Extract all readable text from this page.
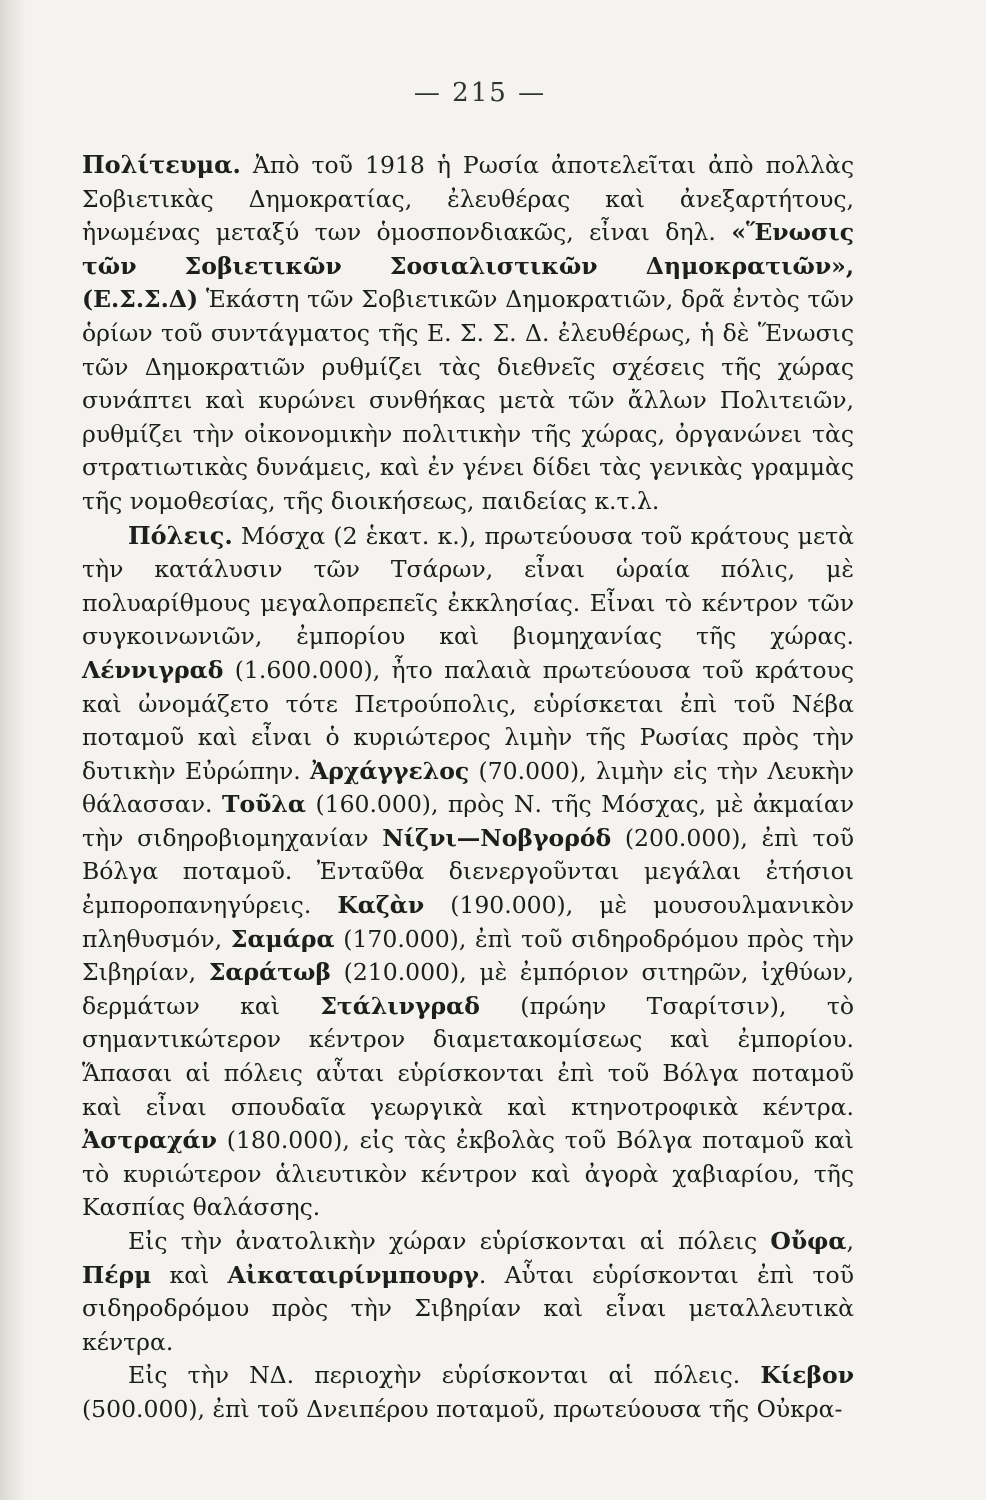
— 215 —

Πολίτευμα. Ἀπὸ τοῦ 1918 ἡ Ρωσία ἀποτελεῖται ἀπὸ πολλὰς Σοβιετικὰς Δημοκρατίας, ἐλευθέρας καὶ ἀνεξαρτήτους, ἡνωμένας μεταξύ των ὁμοσπονδιακῶς, εἶναι δηλ. «Ἕνωσις τῶν Σοβιετικῶν Σοσιαλιστικῶν Δημοκρατιῶν», (Ε.Σ.Σ.Δ) Ἑκάστη τῶν Σοβιετικῶν Δημοκρατιῶν, δρᾶ ἐντὸς τῶν ὁρίων τοῦ συντάγματος τῆς Ε. Σ. Σ. Δ. ἐλευθέρως, ἡ δὲ Ἕνωσις τῶν Δημοκρατιῶν ρυθμίζει τὰς διεθνεῖς σχέσεις τῆς χώρας συνάπτει καὶ κυρώνει συνθήκας μετὰ τῶν ἄλλων Πολιτειῶν, ρυθμίζει τὴν οἰκονομικὴν πολιτικὴν τῆς χώρας, ὀργανώνει τὰς στρατιωτικὰς δυνάμεις, καὶ ἐν γένει δίδει τὰς γενικὰς γραμμὰς τῆς νομοθεσίας, τῆς διοικήσεως, παιδείας κ.τ.λ.

Πόλεις. Μόσχα (2 ἑκατ. κ.), πρωτεύουσα τοῦ κράτους μετὰ τὴν κατάλυσιν τῶν Τσάρων, εἶναι ὡραία πόλις, μὲ πολυαρίθμους μεγαλοπρεπεῖς ἐκκλησίας. Εἶναι τὸ κέντρον τῶν συγκοινωνιῶν, ἐμπορίου καὶ βιομηχανίας τῆς χώρας. Λέννιγραδ (1.600.000), ἦτο παλαιὰ πρωτεύουσα τοῦ κράτους καὶ ὠνομάζετο τότε Πετρούπολις, εὑρίσκεται ἐπὶ τοῦ Νέβα ποταμοῦ καὶ εἶναι ὁ κυριώτερος λιμὴν τῆς Ρωσίας πρὸς τὴν δυτικὴν Εὐρώπην. Ἀρχάγγελος (70.000), λιμὴν εἰς τὴν Λευκὴν θάλασσαν. Τοῦλα (160.000), πρὸς Ν. τῆς Μόσχας, μὲ ἀκμαίαν τὴν σιδηροβιομηχανίαν Νίζνι—Νοβγορόδ (200.000), ἐπὶ τοῦ Βόλγα ποταμοῦ. Ἐνταῦθα διενεργοῦνται μεγάλαι ἐτήσιοι ἐμποροπανηγύρεις. Καζὰν (190.000), μὲ μουσουλμανικὸν πληθυσμόν, Σαμάρα (170.000), ἐπὶ τοῦ σιδηροδρόμου πρὸς τὴν Σιβηρίαν, Σαράτωβ (210.000), μὲ ἐμπόριον σιτηρῶν, ἰχθύων, δερμάτων καὶ Στάλινγραδ (πρώην Τσαρίτσιν), τὸ σημαντικώτερον κέντρον διαμετακομίσεως καὶ ἐμπορίου. Ἅπασαι αἱ πόλεις αὗται εὑρίσκονται ἐπὶ τοῦ Βόλγα ποταμοῦ καὶ εἶναι σπουδαῖα γεωργικὰ καὶ κτηνοτροφικὰ κέντρα. Ἀστραχάν (180.000), εἰς τὰς ἐκβολὰς τοῦ Βόλγα ποταμοῦ καὶ τὸ κυριώτερον ἁλιευτικὸν κέντρον καὶ ἀγορὰ χαβιαρίου, τῆς Κασπίας θαλάσσης.

Εἰς τὴν ἀνατολικὴν χώραν εὑρίσκονται αἱ πόλεις Οὔφα, Πέρμ καὶ Αἰκαταιρίνμπουργ. Αὗται εὑρίσκονται ἐπὶ τοῦ σιδηροδρόμου πρὸς τὴν Σιβηρίαν καὶ εἶναι μεταλλευτικὰ κέντρα.

Εἰς τὴν ΝΔ. περιοχὴν εὑρίσκονται αἱ πόλεις. Κίεβον (500.000), ἐπὶ τοῦ Δνειπέρου ποταμοῦ, πρωτεύουσα τῆς Οὐκρα-
